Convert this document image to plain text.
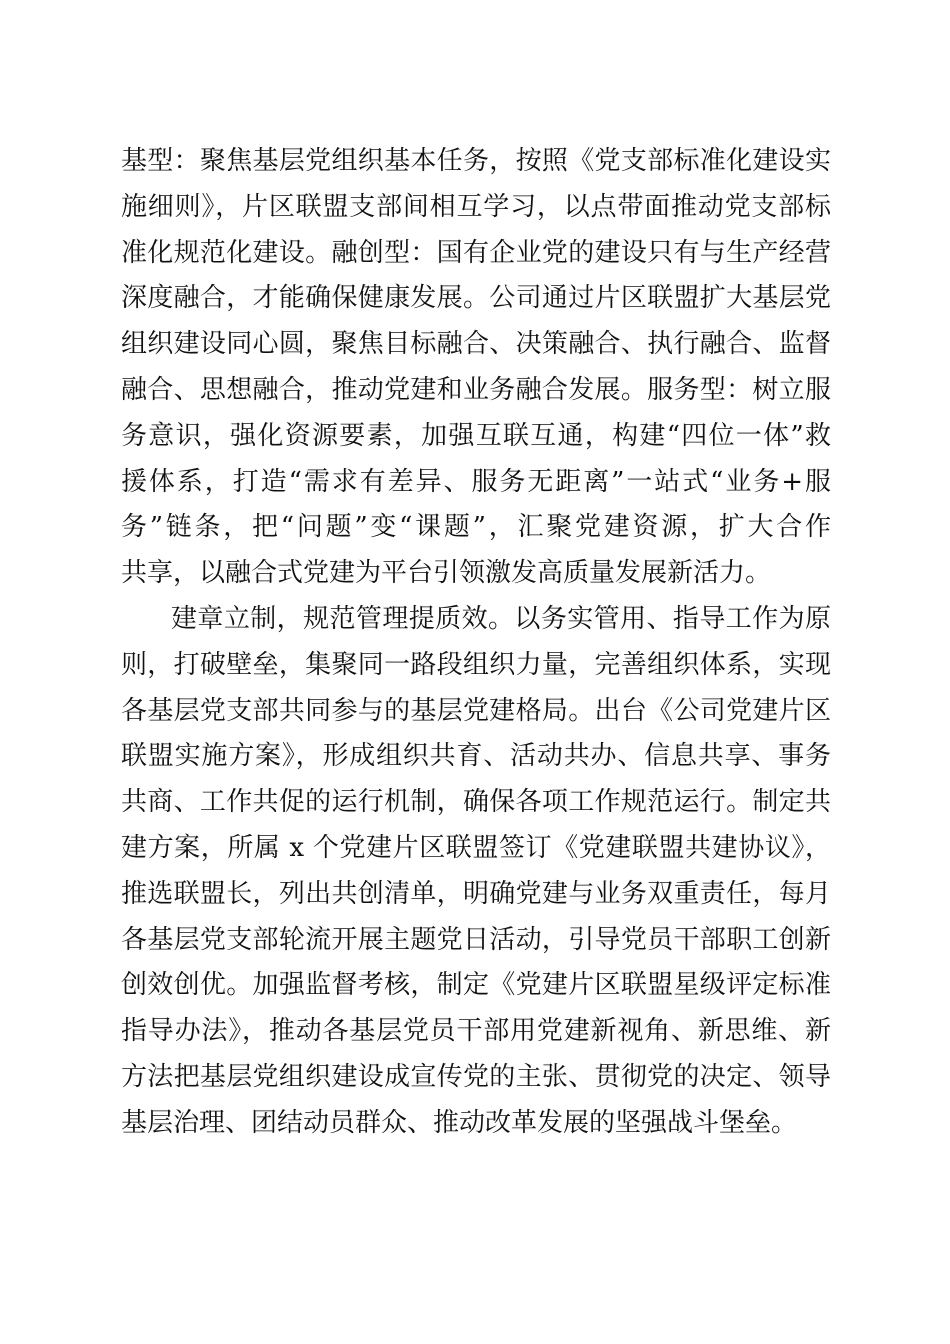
基型：聚焦基层党组织基本任务，按照《党支部标准化建设实
施细则》，片区联盟支部间相互学习，以点带面推动党支部标
准化规范化建设。融创型：国有企业党的建设只有与生产经营
深度融合，才能确保健康发展。公司通过片区联盟扩大基层党
组织建设同心圆，聚焦目标融合、决策融合、执行融合、监督
融合、思想融合，推动党建和业务融合发展。服务型：树立服
务意识，强化资源要素，加强互联互通，构建“四位一体”救
援体系，打造“需求有差异、服务无距离”一站式“业务+服
务”链条，把“问题”变“课题”，汇聚党建资源，扩大合作
共享，以融合式党建为平台引领激发高质量发展新活力。
建章立制，规范管理提质效。以务实管用、指导工作为原
则，打破壁垒，集聚同一路段组织力量，完善组织体系，实现
各基层党支部共同参与的基层党建格局。出台《公司党建片区
联盟实施方案》，形成组织共育、活动共办、信息共享、事务
共商、工作共促的运行机制，确保各项工作规范运行。制定共
建方案，所属 x 个党建片区联盟签订《党建联盟共建协议》，
推选联盟长，列出共创清单，明确党建与业务双重责任，每月
各基层党支部轮流开展主题党日活动，引导党员干部职工创新
创效创优。加强监督考核，制定《党建片区联盟星级评定标准
指导办法》，推动各基层党员干部用党建新视角、新思维、新
方法把基层党组织建设成宣传党的主张、贯彻党的决定、领导
基层治理、团结动员群众、推动改革发展的坚强战斗堡垒。
